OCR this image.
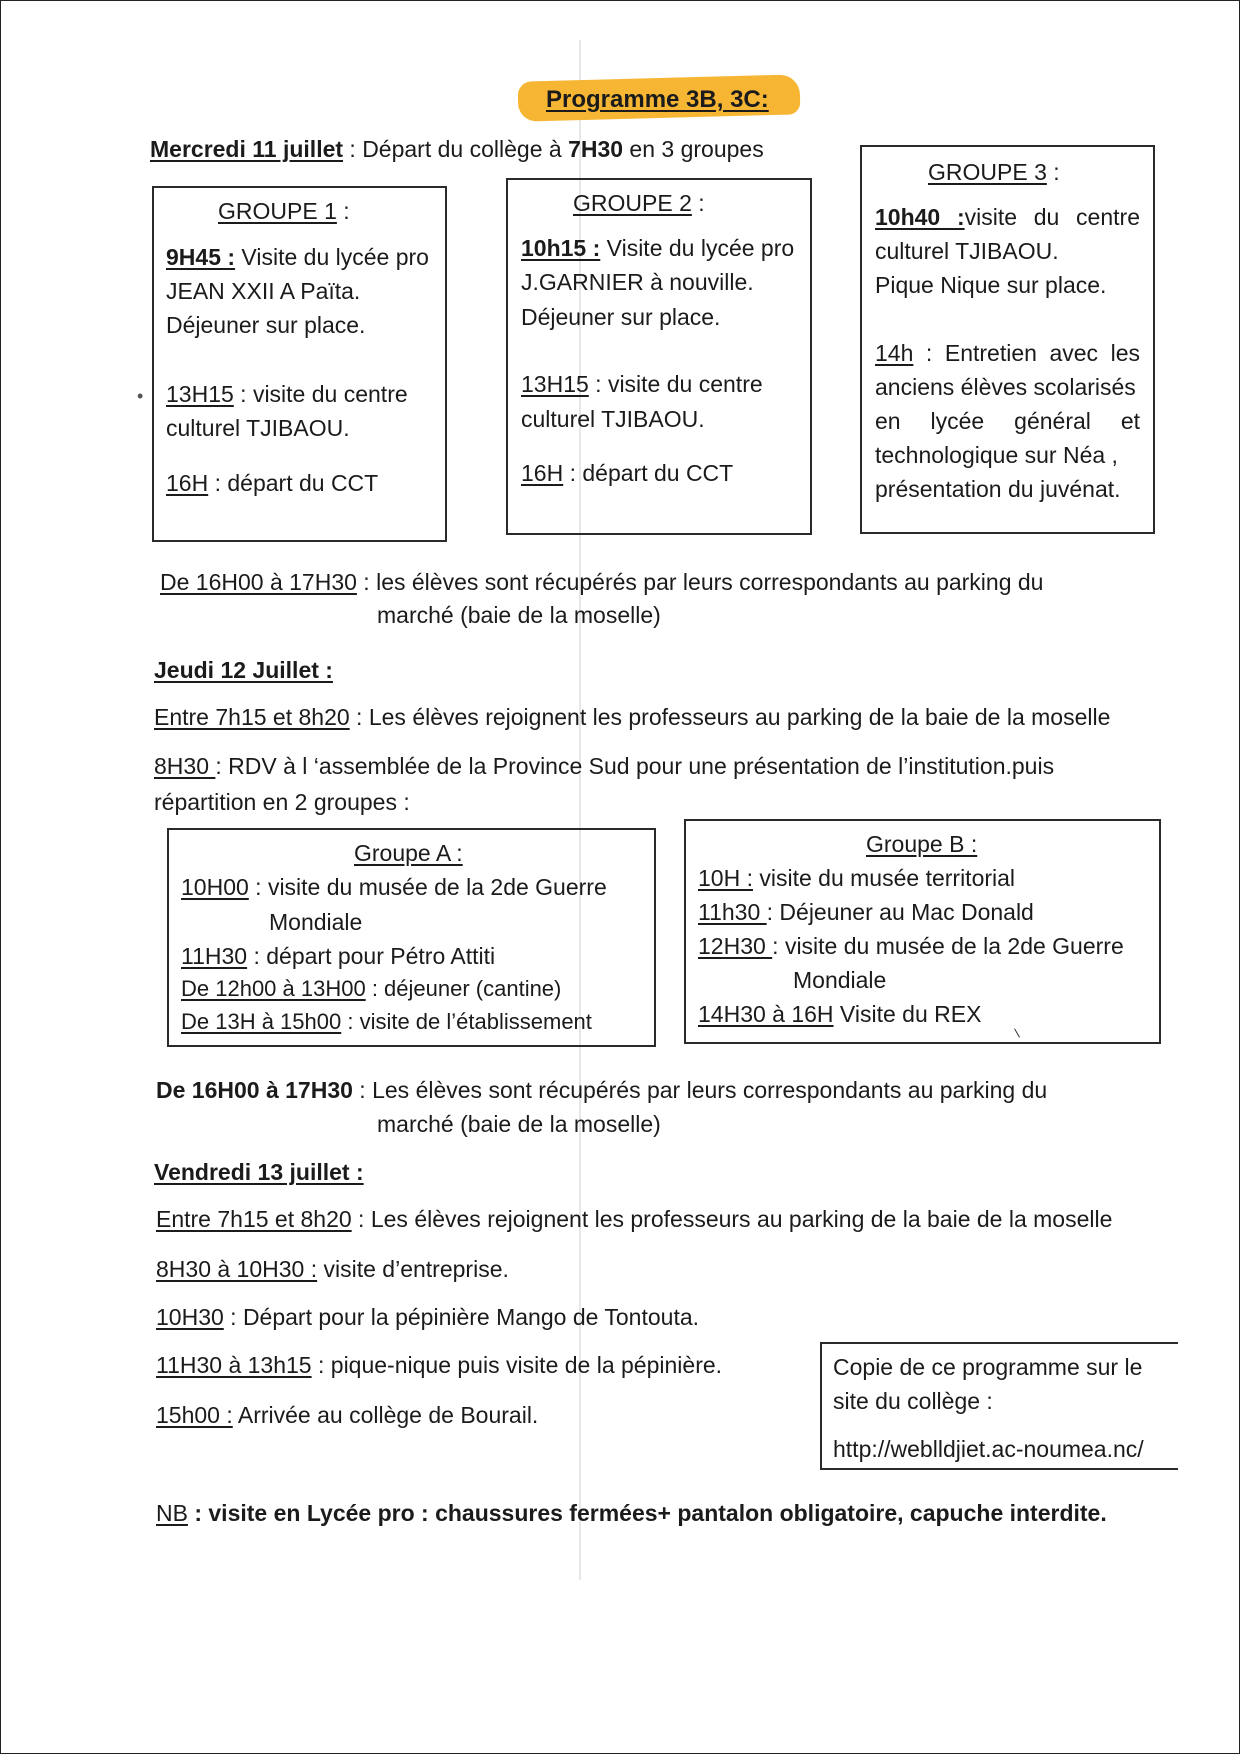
Programme 3B, 3C:
Mercredi 11 juillet : Départ du collège à 7H30 en 3 groupes
GROUPE 1 :
9H45 : Visite du lycée pro
JEAN XXII A Païta.
Déjeuner sur place.
13H15 : visite du centre
culturel TJIBAOU.
16H : départ du CCT
•
GROUPE 2 :
10h15 : Visite du lycée pro
J.GARNIER à nouville.
Déjeuner sur place.
13H15 : visite du centre
culturel TJIBAOU.
16H : départ du CCT
GROUPE 3 :
10h40 :visite du centre
culturel TJIBAOU.
Pique Nique sur place.
14h : Entretien avec les
anciens élèves scolarisés
en lycée général et
technologique sur Néa ,
présentation du juvénat.
De 16H00 à 17H30 : les élèves sont récupérés par leurs correspondants au parking du
marché (baie de la moselle)
Jeudi 12 Juillet :
Entre 7h15 et 8h20 : Les élèves rejoignent les professeurs au parking de la baie de la moselle
8H30 : RDV à l ‘assemblée de la Province Sud pour une présentation de l’institution.puis
répartition en 2 groupes :
Groupe A :
10H00 : visite du musée de la 2de Guerre
Mondiale
11H30 : départ pour Pétro Attiti
De 12h00 à 13H00 : déjeuner (cantine)
De 13H à 15h00 : visite de l’établissement
Groupe B :
10H : visite du musée territorial
11h30 : Déjeuner au Mac Donald
12H30 : visite du musée de la 2de Guerre
Mondiale
14H30 à 16H Visite du REX
De 16H00 à 17H30 : Les élèves sont récupérés par leurs correspondants au parking du
marché (baie de la moselle)
Vendredi 13 juillet :
Entre 7h15 et 8h20 : Les élèves rejoignent les professeurs au parking de la baie de la moselle
8H30 à 10H30 : visite d’entreprise.
10H30 : Départ pour la pépinière Mango de Tontouta.
11H30 à 13h15 : pique-nique puis visite de la pépinière.
15h00 : Arrivée au collège de Bourail.
Copie de ce programme sur le
site du collège :
http://weblldjiet.ac-noumea.nc/
NB : visite en Lycée pro : chaussures fermées+ pantalon obligatoire, capuche interdite.
